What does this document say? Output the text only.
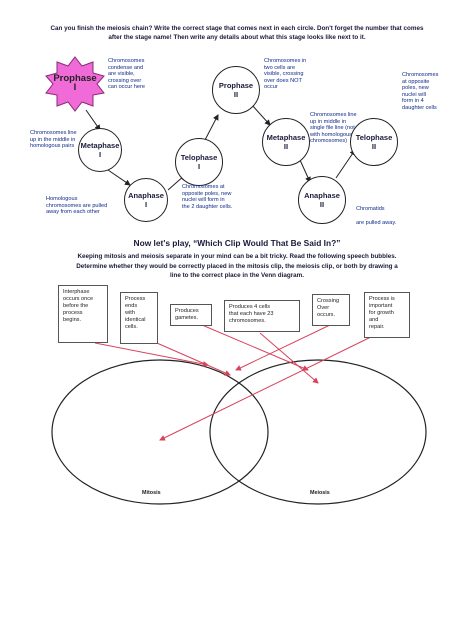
Can you finish the meiosis chain? Write the correct stage that comes next in each circle. Don't forget the number that comes
after the stage name! Then write any details about what this stage looks like next to it.
Prophase
I
Metaphase
I
Anaphase
I
Telophase
I
Prophase
II
Metaphase
II
Anaphase
II
Telophase
II
Chromosomes
condense and
are visible,
crossing over
can occur here
Chromosomes line
up in the middle in
homologous pairs
Homologous
chromosomes are pulled
away from each other
Chromosomes at
opposite poles, new
nuclei will form in
the 2 daughter cells.
Chromosomes in
two cells are
visible, crossing
over does NOT
occur
Chromosomes line
up in middle in
single file line (not
with homologous
chromosomes)
Chromosomes
at opposite
poles, new
nuclei will
form in 4
daughter cells
Chromatids
are pulled away.
Now let's play, “Which Clip Would That Be Said In?”
Keeping mitosis and meiosis separate in your mind can be a bit tricky. Read the following speech bubbles.
Determine whether they would be correctly placed in the mitosis clip, the meiosis clip, or both by drawing a
line to the correct place in the Venn diagram.
Interphase
occurs once
before the
process
begins.
Process
ends
with
identical
cells.
Produces
gametes.
Produces 4 cells
that each have 23
chromosomes.
Crossing
Over
occurs.
Process is
important
for growth
and
repair.
Mitosis	Meiosis
